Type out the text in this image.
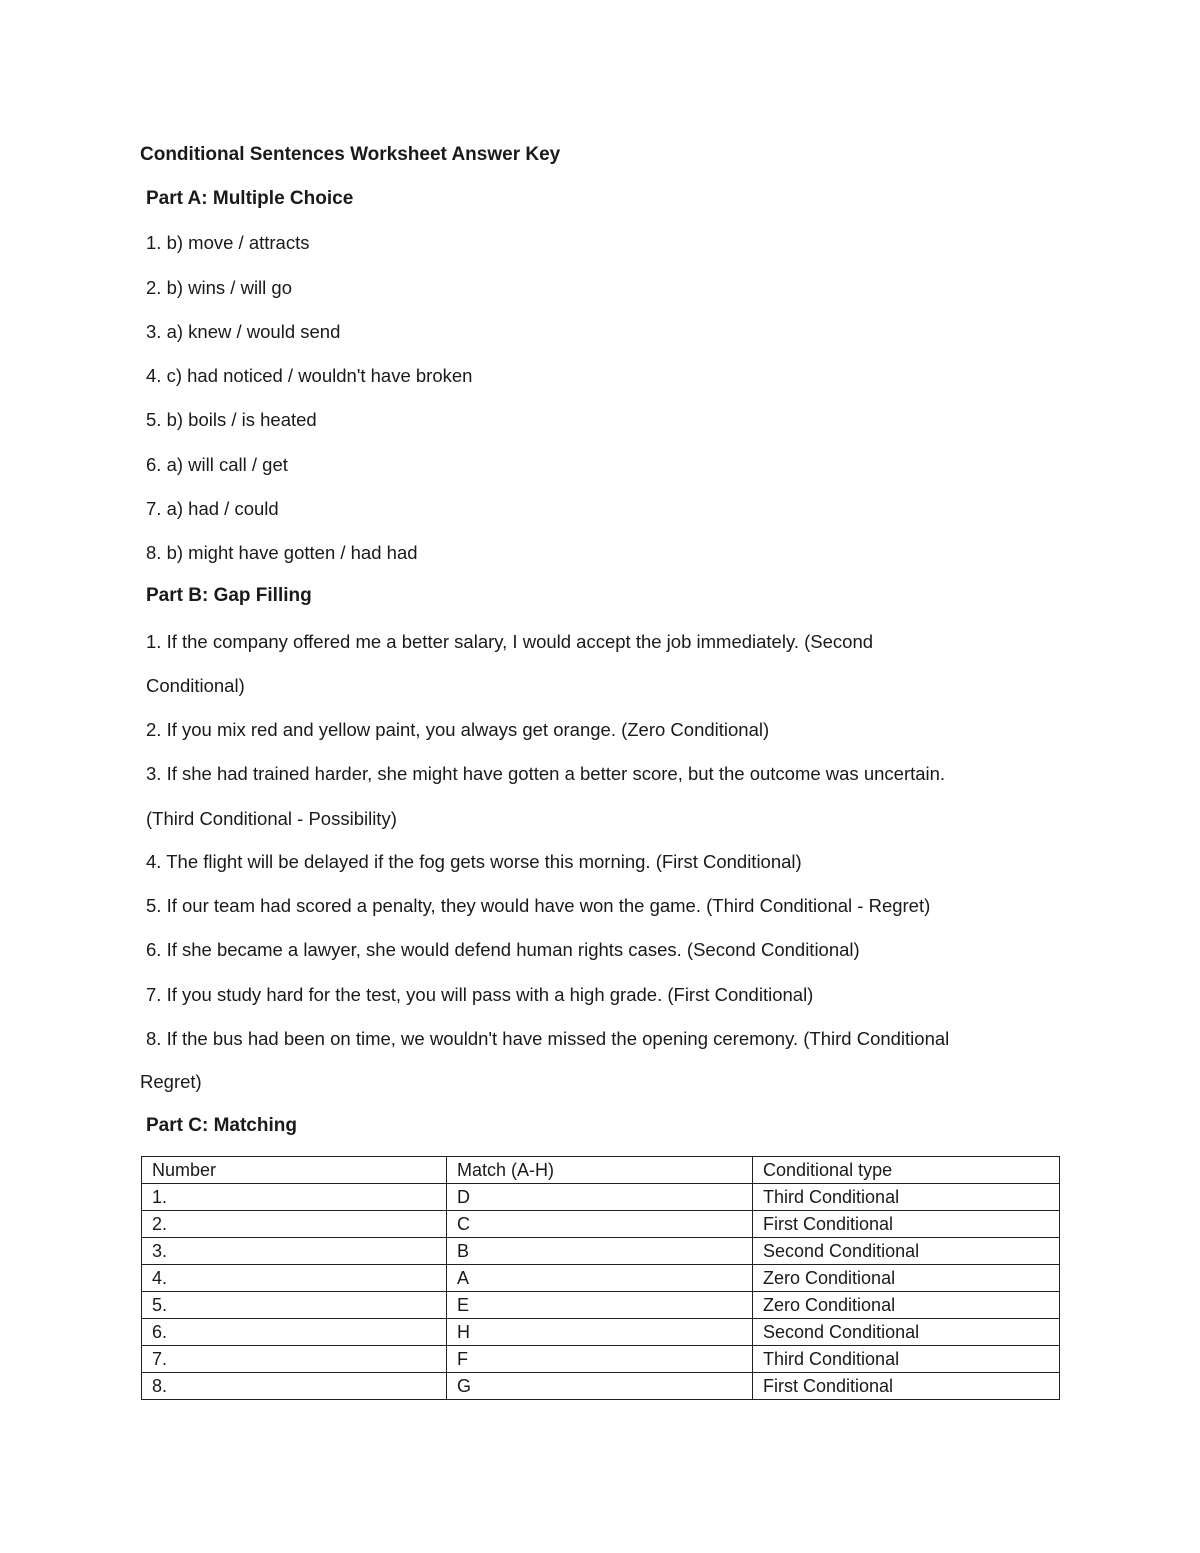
Conditional Sentences Worksheet Answer Key
Part A: Multiple Choice
1. b) move / attracts
2. b) wins / will go
3. a) knew / would send
4. c) had noticed / wouldn't have broken
5. b) boils / is heated
6. a) will call / get
7. a) had / could
8. b) might have gotten / had had
Part B: Gap Filling
1. If the company offered me a better salary, I would accept the job immediately. (Second
Conditional)
2. If you mix red and yellow paint, you always get orange. (Zero Conditional)
3. If she had trained harder, she might have gotten a better score, but the outcome was uncertain.
(Third Conditional - Possibility)
4. The flight will be delayed if the fog gets worse this morning. (First Conditional)
5. If our team had scored a penalty, they would have won the game. (Third Conditional - Regret)
6. If she became a lawyer, she would defend human rights cases. (Second Conditional)
7. If you study hard for the test, you will pass with a high grade. (First Conditional)
8. If the bus had been on time, we wouldn't have missed the opening ceremony. (Third Conditional
Regret)
Part C: Matching
Number	Match (A-H)	Conditional type
1.	D	Third Conditional
2.	C	First Conditional
3.	B	Second Conditional
4.	A	Zero Conditional
5.	E	Zero Conditional
6.	H	Second Conditional
7.	F	Third Conditional
8.	G	First Conditional
